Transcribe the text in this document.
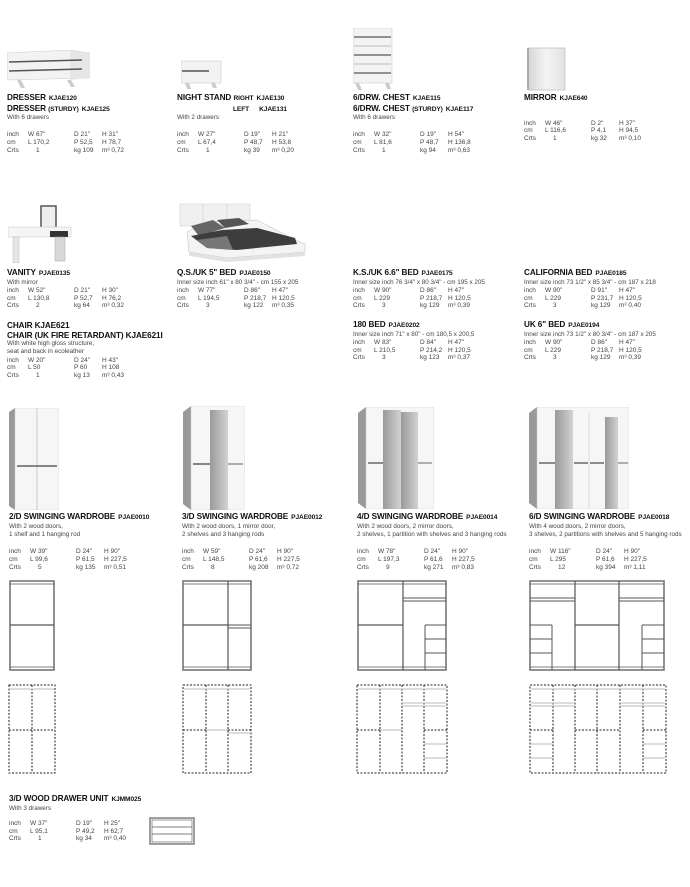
DRESSER KJAE120
DRESSER (STURDY) KJAE125
With 6 drawers
inch	W 67"	D 21"	H 31"
cm	L 170,2	P 52,5	H 78,7
Crts	1	kg 109	m³ 0,72
NIGHT STAND RIGHT KJAE130
LEFT KJAE131
With 2 drawers
inch	W 27"	D 19"	H 21"
cm	L 67,4	P 48,7	H 53,8
Crts	1	kg 39	m³ 0,20
6/DRW. CHEST KJAE115
6/DRW. CHEST (STURDY) KJAE117
With 6 drawers
inch	W 32"	D 19"	H 54"
cm	L 81,6	P 48,7	H 136,8
Crts	1	kg 94	m³ 0,63
MIRROR KJAE640
inch	W 46"	D 2"	H 37"
cm	L 116,6	P 4,1	H 94,5
Crts	1	kg 32	m³ 0,10
VANITY PJAE0135
With mirror
inch	W 52"	D 21"	H 30"
cm	L 130,8	P 52,7	H 76,2
Crts	2	kg 64	m³ 0,32
Q.S./UK 5" BED PJAE0150
Inner size inch 61" x 80 3/4" - cm 155 x 205
inch	W 77"	D 86"	H 47"
cm	L 194,5	P 218,7	H 120,5
Crts	3	kg 122	m³ 0,35
K.S./UK 6.6" BED PJAE0175
Inner size inch 76 3/4" x 80 3/4" - cm 195 x 205
inch	W 90"	D 86"	H 47"
cm	L 229	P 218,7	H 120,5
Crts	3	kg 129	m³ 0,39
CALIFORNIA BED PJAE0185
Inner size inch 73 1/2" x 85 3/4" - cm 187 x 218
inch	W 90"	D 91"	H 47"
cm	L 229	P 231,7	H 120,5
Crts	3	kg 129	m³ 0,40
CHAIR KJAE621
CHAIR (UK FIRE RETARDANT) KJAE621I
With white high gloss structure,
seat and back in ecoleather
inch	W 20"	D 24"	H 43"
cm	L 50	P 60	H 108
Crts	1	kg 13	m³ 0,43
180 BED PJAE0202
Inner size inch 71" x 80" - cm 180,5 x 200,5
inch	W 83"	D 84"	H 47"
cm	L 210,5	P 214,2	H 120,5
Crts	3	kg 123	m³ 0,37
UK 6" BED PJAE0194
Inner size inch 73 1/2" x 80 3/4" - cm 187 x 205
inch	W 90"	D 86"	H 47"
cm	L 229	P 218,7	H 120,5
Crts	3	kg 129	m³ 0,39
2/D SWINGING WARDROBE PJAE0010
With 2 wood doors,
1 shelf and 1 hanging rod
inch	W 39"	D 24"	H 90"
cm	L 99,6	P 61,5	H 227,5
Crts	5	kg 135	m³ 0,51
3/D SWINGING WARDROBE PJAE0012
With 2 wood doors, 1 mirror door,
2 shelves and 3 hanging rods
inch	W 59"	D 24"	H 90"
cm	L 148,5	P 61,6	H 227,5
Crts	8	kg 208	m³ 0,72
4/D SWINGING WARDROBE PJAE0014
With 2 wood doors, 2 mirror doors,
2 shelves, 1 partition with shelves and 3 hanging rods
inch	W 78"	D 24"	H 90"
cm	L 197,3	P 61,6	H 227,5
Crts	9	kg 271	m³ 0,83
6/D SWINGING WARDROBE PJAE0018
With 4 wood doors, 2 mirror doors,
3 shelves, 2 partitions with shelves and 5 hanging rods
inch	W 116"	D 24"	H 90"
cm	L 295	P 61,6	H 227,5
Crts	12	kg 394	m³ 1,11
3/D WOOD DRAWER UNIT KJMM025
With 3 drawers
inch	W 37"	D 19"	H 25"
cm	L 95,1	P 49,2	H 62,7
Crts	1	kg 34	m³ 0,40
